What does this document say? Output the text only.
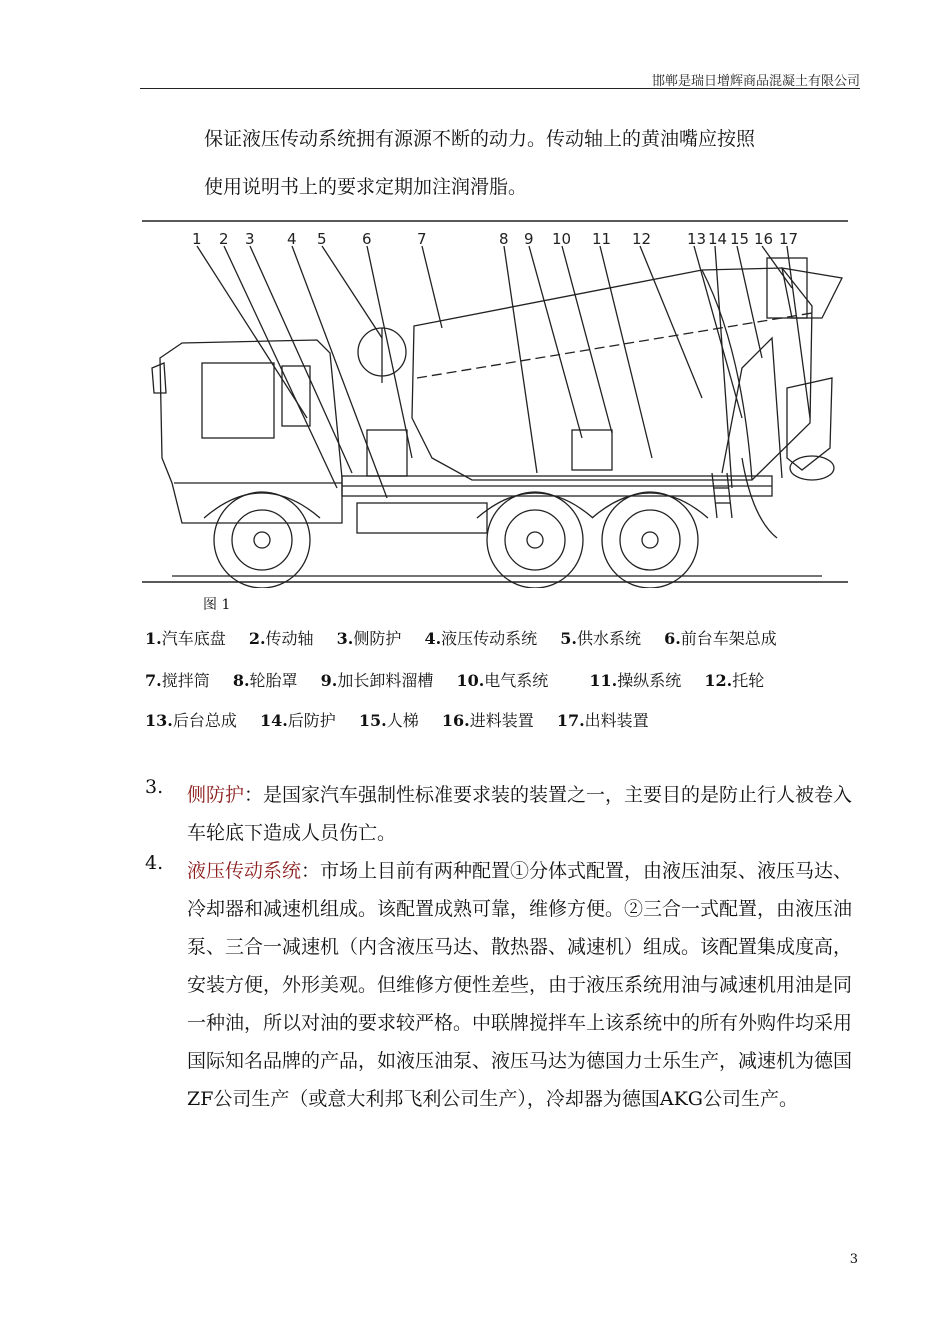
邯郸是瑞日增辉商品混凝土有限公司
保证液压传动系统拥有源源不断的动力。传动轴上的黄油嘴应按照
使用说明书上的要求定期加注润滑脂。
1 2 3 4 5 6	7	8 9 10 11 12 13 14 15 16 17
图 1
1.汽车底盘 2.传动轴 3.侧防护 4.液压传动系统 5.供水系统 6.前台车架总成
7.搅拌筒 8.轮胎罩 9.加长卸料溜槽 10.电气系统	11.操纵系统 12.托轮
13.后台总成 14.后防护 15.人梯 16.进料装置 17.出料装置
3. 侧防护：是国家汽车强制性标准要求装的装置之一，主要目的是防止行人被卷入车轮底下造成人员伤亡。
4. 液压传动系统：市场上目前有两种配置①分体式配置，由液压油泵、液压马达、冷却器和减速机组成。该配置成熟可靠，维修方便。②三合一式配置，由液压油泵、三合一减速机（内含液压马达、散热器、减速机）组成。该配置集成度高，安装方便，外形美观。但维修方便性差些，由于液压系统用油与减速机用油是同一种油，所以对油的要求较严格。中联牌搅拌车上该系统中的所有外购件均采用国际知名品牌的产品，如液压油泵、液压马达为德国力士乐生产，减速机为德国ZF公司生产（或意大利邦飞利公司生产），冷却器为德国AKG公司生产。
3
